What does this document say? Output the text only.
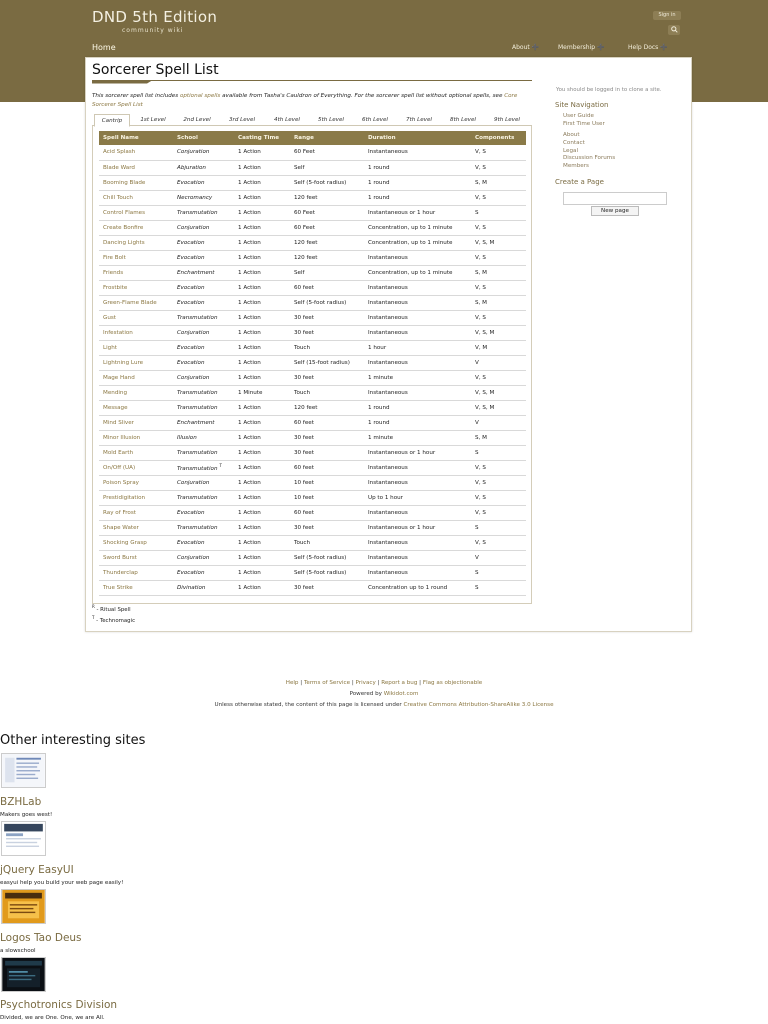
DND 5th Edition
community wiki
Sign in
Home	About ➕	Membership ➕	Help Docs ➕
Sorcerer Spell List
This sorcerer spell list includes optional spells available from Tasha's Cauldron of Everything. For the sorcerer spell list without optional spells, see Core Sorcerer Spell List
Cantrip	1st Level	2nd Level	3rd Level	4th Level	5th Level	6th Level	7th Level	8th Level	9th Level
Spell Name	School	Casting Time	Range	Duration	Components
Acid Splash	Conjuration	1 Action	60 Feet	Instantaneous	V, S
Blade Ward	Abjuration	1 Action	Self	1 round	V, S
Booming Blade	Evocation	1 Action	Self (5-foot radius)	1 round	S, M
Chill Touch	Necromancy	1 Action	120 feet	1 round	V, S
Control Flames	Transmutation	1 Action	60 Feet	Instantaneous or 1 hour	S
Create Bonfire	Conjuration	1 Action	60 Feet	Concentration, up to 1 minute	V, S
Dancing Lights	Evocation	1 Action	120 feet	Concentration, up to 1 minute	V, S, M
Fire Bolt	Evocation	1 Action	120 feet	Instantaneous	V, S
Friends	Enchantment	1 Action	Self	Concentration, up to 1 minute	S, M
Frostbite	Evocation	1 Action	60 feet	Instantaneous	V, S
Green-Flame Blade	Evocation	1 Action	Self (5-foot radius)	Instantaneous	S, M
Gust	Transmutation	1 Action	30 feet	Instantaneous	V, S
Infestation	Conjuration	1 Action	30 feet	Instantaneous	V, S, M
Light	Evocation	1 Action	Touch	1 hour	V, M
Lightning Lure	Evocation	1 Action	Self (15-foot radius)	Instantaneous	V
Mage Hand	Conjuration	1 Action	30 feet	1 minute	V, S
Mending	Transmutation	1 Minute	Touch	Instantaneous	V, S, M
Message	Transmutation	1 Action	120 feet	1 round	V, S, M
Mind Sliver	Enchantment	1 Action	60 feet	1 round	V
Minor Illusion	Illusion	1 Action	30 feet	1 minute	S, M
Mold Earth	Transmutation	1 Action	30 feet	Instantaneous or 1 hour	S
On/Off (UA)	Transmutation $^T$	1 Action	60 feet	Instantaneous	V, S
Poison Spray	Conjuration	1 Action	10 feet	Instantaneous	V, S
Prestidigitation	Transmutation	1 Action	10 feet	Up to 1 hour	V, S
Ray of Frost	Evocation	1 Action	60 feet	Instantaneous	V, S
Shape Water	Transmutation	1 Action	30 feet	Instantaneous or 1 hour	S
Shocking Grasp	Evocation	1 Action	Touch	Instantaneous	V, S
Sword Burst	Conjuration	1 Action	Self (5-foot radius)	Instantaneous	V
Thunderclap	Evocation	1 Action	Self (5-foot radius)	Instantaneous	S
True Strike	Divination	1 Action	30 feet	Concentration up to 1 round	S
$^R$ - Ritual Spell
$^T$ - Technomagic
You should be logged in to clone a site.
Site Navigation
User Guide
First Time User
About
Contact
Legal
Discussion Forums
Members
Create a Page
New page
Help | Terms of Service | Privacy | Report a bug | Flag as objectionable
Powered by Wikidot.com
Unless otherwise stated, the content of this page is licensed under Creative Commons Attribution-ShareAlike 3.0 License
Other interesting sites
BZHLab
Makers goes west!
jQuery EasyUI
easyui help you build your web page easily!
Logos Tao Deus
a slowschool
Psychotronics Division
Divided, we are One. One, we are All.
